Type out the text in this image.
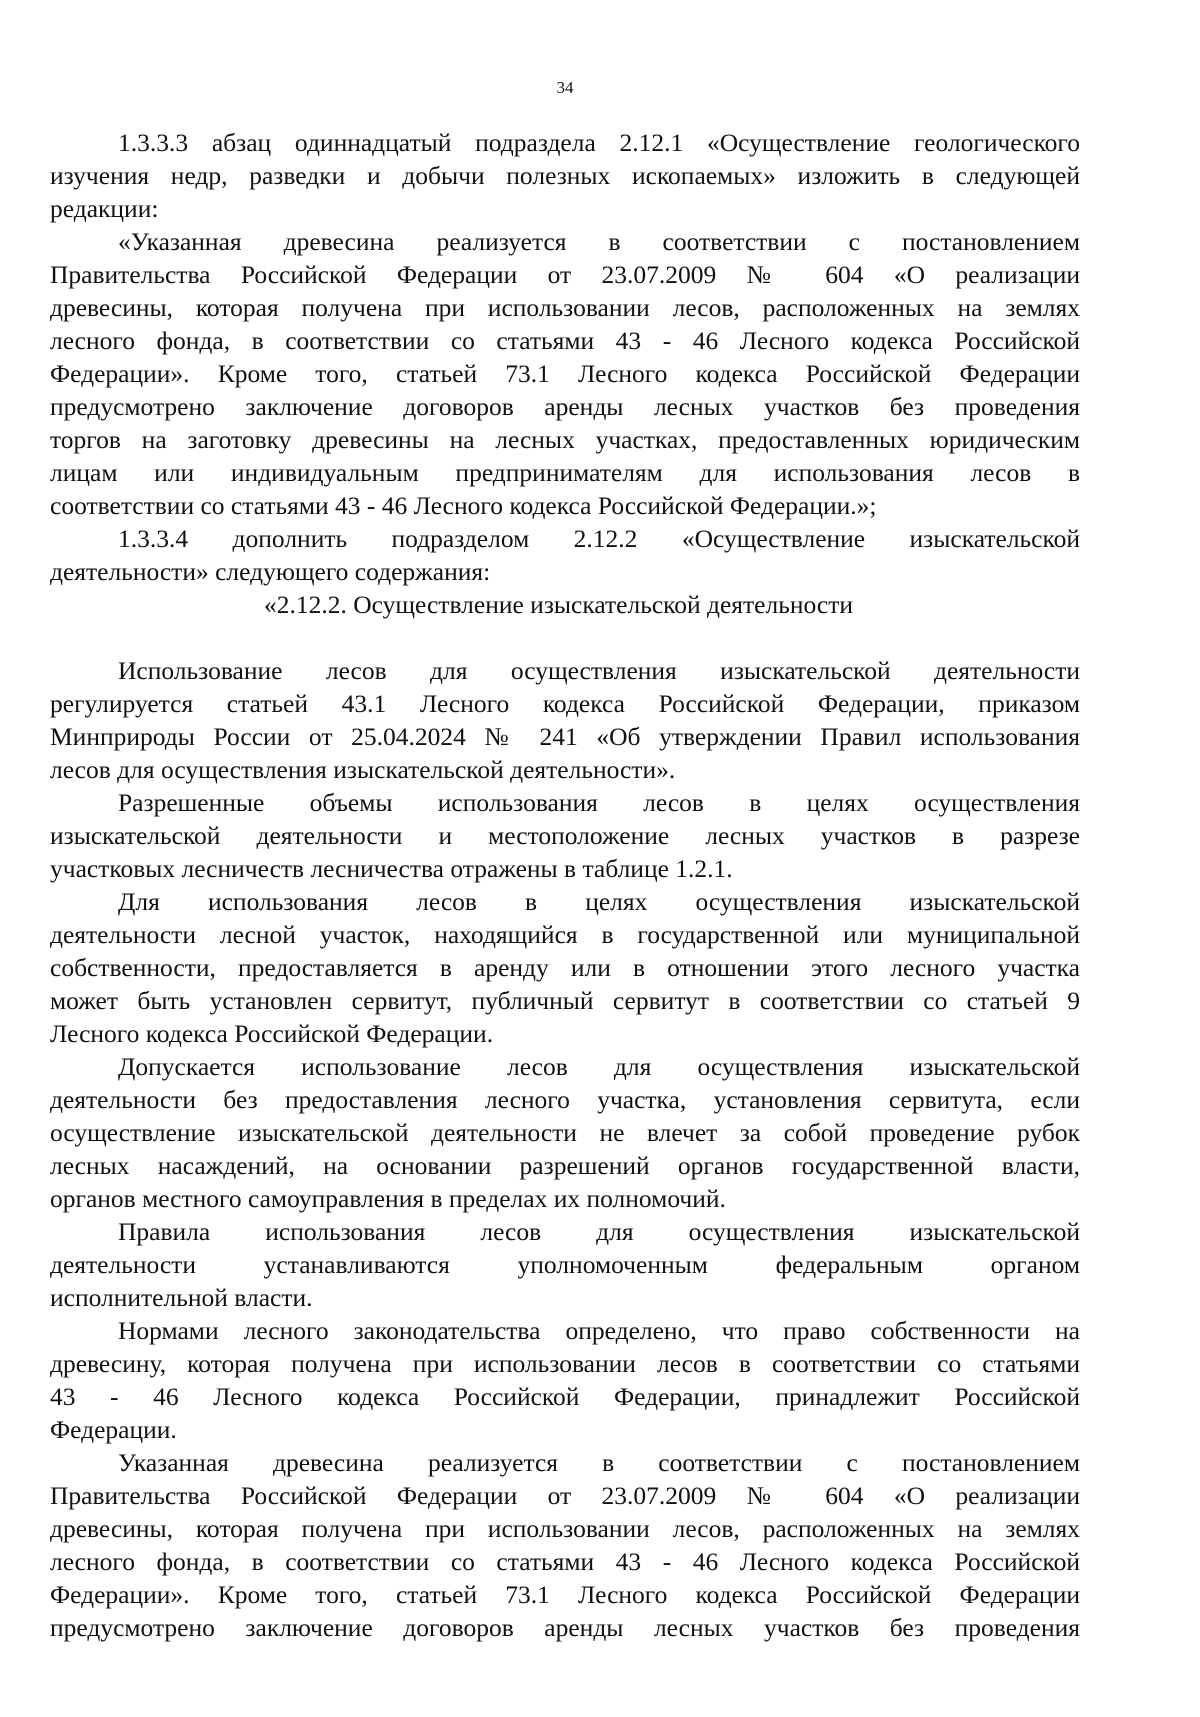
34
1.3.3.3 абзац одиннадцатый подраздела 2.12.1 «Осуществление геологического
изучения недр, разведки и добычи полезных ископаемых» изложить в следующей
редакции:
«Указанная древесина реализуется в соответствии с постановлением
Правительства Российской Федерации от 23.07.2009 № 604 «О реализации
древесины, которая получена при использовании лесов, расположенных на землях
лесного фонда, в соответствии со статьями 43 - 46 Лесного кодекса Российской
Федерации». Кроме того, статьей 73.1 Лесного кодекса Российской Федерации
предусмотрено заключение договоров аренды лесных участков без проведения
торгов на заготовку древесины на лесных участках, предоставленных юридическим
лицам или индивидуальным предпринимателям для использования лесов в
соответствии со статьями 43 - 46 Лесного кодекса Российской Федерации.»;
1.3.3.4 дополнить подразделом 2.12.2 «Осуществление изыскательской
деятельности» следующего содержания:
«2.12.2. Осуществление изыскательской деятельности
Использование лесов для осуществления изыскательской деятельности
регулируется статьей 43.1 Лесного кодекса Российской Федерации, приказом
Минприроды России от 25.04.2024 № 241 «Об утверждении Правил использования
лесов для осуществления изыскательской деятельности».
Разрешенные объемы использования лесов в целях осуществления
изыскательской деятельности и местоположение лесных участков в разрезе
участковых лесничеств лесничества отражены в таблице 1.2.1.
Для использования лесов в целях осуществления изыскательской
деятельности лесной участок, находящийся в государственной или муниципальной
собственности, предоставляется в аренду или в отношении этого лесного участка
может быть установлен сервитут, публичный сервитут в соответствии со статьей 9
Лесного кодекса Российской Федерации.
Допускается использование лесов для осуществления изыскательской
деятельности без предоставления лесного участка, установления сервитута, если
осуществление изыскательской деятельности не влечет за собой проведение рубок
лесных насаждений, на основании разрешений органов государственной власти,
органов местного самоуправления в пределах их полномочий.
Правила использования лесов для осуществления изыскательской
деятельности устанавливаются уполномоченным федеральным органом
исполнительной власти.
Нормами лесного законодательства определено, что право собственности на
древесину, которая получена при использовании лесов в соответствии со статьями
43 - 46 Лесного кодекса Российской Федерации, принадлежит Российской
Федерации.
Указанная древесина реализуется в соответствии с постановлением
Правительства Российской Федерации от 23.07.2009 № 604 «О реализации
древесины, которая получена при использовании лесов, расположенных на землях
лесного фонда, в соответствии со статьями 43 - 46 Лесного кодекса Российской
Федерации». Кроме того, статьей 73.1 Лесного кодекса Российской Федерации
предусмотрено заключение договоров аренды лесных участков без проведения
